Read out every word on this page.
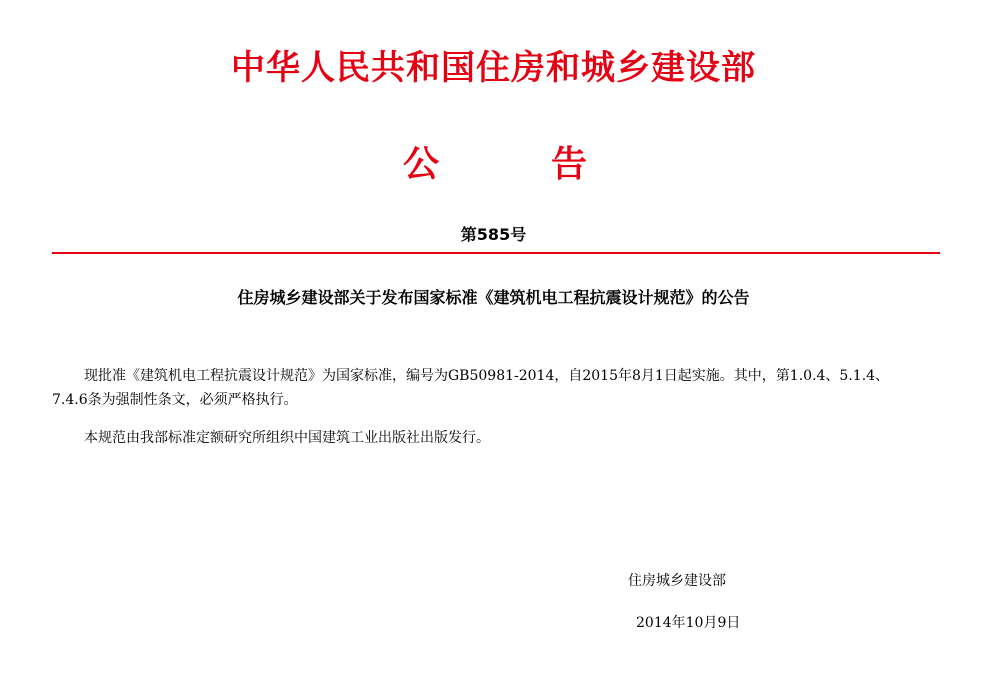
中华人民共和国住房和城乡建设部
公	告
第585号
住房城乡建设部关于发布国家标准《建筑机电工程抗震设计规范》的公告

现批准《建筑机电工程抗震设计规范》为国家标准，编号为GB50981-2014，自2015年8月1日起实施。其中，第1.0.4、5.1.4、7.4.6条为强制性条文，必须严格执行。

本规范由我部标准定额研究所组织中国建筑工业出版社出版发行。

住房城乡建设部
2014年10月9日
